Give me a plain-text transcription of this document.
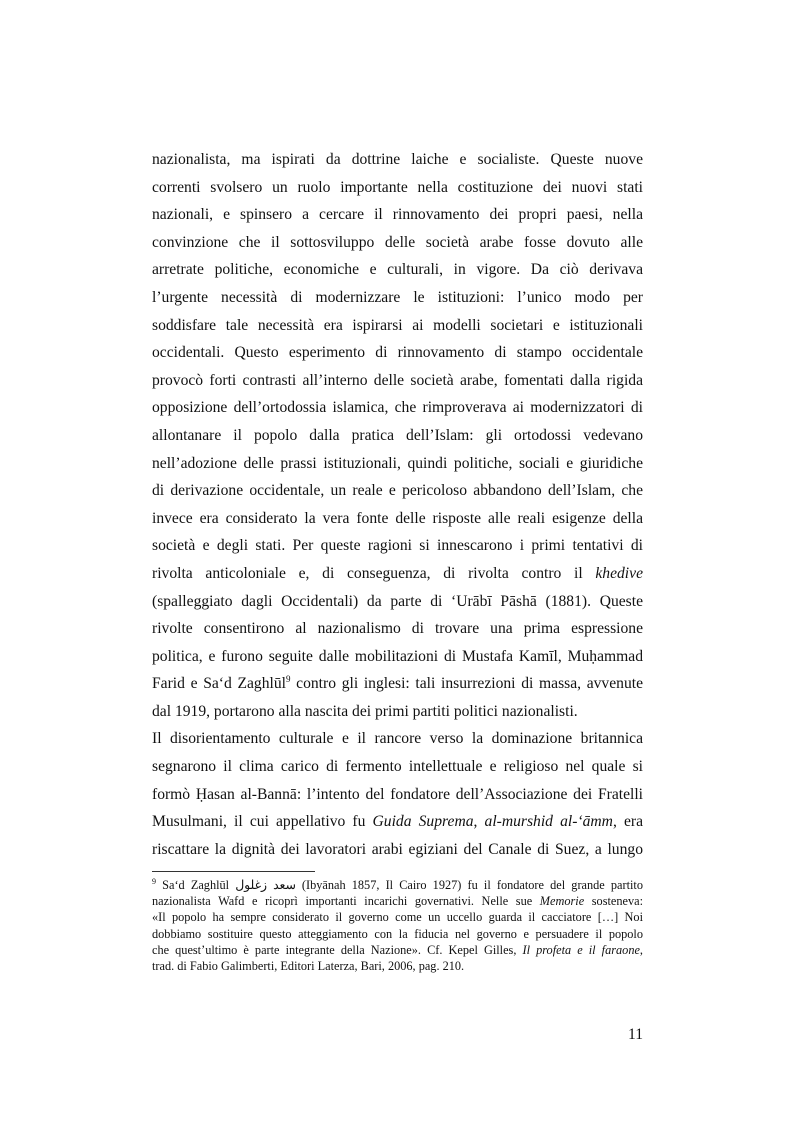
nazionalista, ma ispirati da dottrine laiche e socialiste. Queste nuove
correnti svolsero un ruolo importante nella costituzione dei nuovi stati
nazionali, e spinsero a cercare il rinnovamento dei propri paesi, nella
convinzione che il sottosviluppo delle società arabe fosse dovuto alle
arretrate politiche, economiche e culturali, in vigore. Da ciò derivava
l’urgente necessità di modernizzare le istituzioni: l’unico modo per
soddisfare tale necessità era ispirarsi ai modelli societari e istituzionali
occidentali. Questo esperimento di rinnovamento di stampo occidentale
provocò forti contrasti all’interno delle società arabe, fomentati dalla rigida
opposizione dell’ortodossia islamica, che rimproverava ai modernizzatori di
allontanare il popolo dalla pratica dell’Islam: gli ortodossi vedevano
nell’adozione delle prassi istituzionali, quindi politiche, sociali e giuridiche
di derivazione occidentale, un reale e pericoloso abbandono dell’Islam, che
invece era considerato la vera fonte delle risposte alle reali esigenze della
società e degli stati. Per queste ragioni si innescarono i primi tentativi di
rivolta anticoloniale e, di conseguenza, di rivolta contro il khedive
(spalleggiato dagli Occidentali) da parte di ‘Urābī Pāshā (1881). Queste
rivolte consentirono al nazionalismo di trovare una prima espressione
politica, e furono seguite dalle mobilitazioni di Mustafa Kamīl, Muḥammad
Farid e Sa‘d Zaghlūl$^9$ contro gli inglesi: tali insurrezioni di massa, avvenute
dal 1919, portarono alla nascita dei primi partiti politici nazionalisti.
Il disorientamento culturale e il rancore verso la dominazione britannica
segnarono il clima carico di fermento intellettuale e religioso nel quale si
formò Ḥasan al-Bannā: l’intento del fondatore dell’Associazione dei Fratelli
Musulmani, il cui appellativo fu Guida Suprema, al-murshid al-‘āmm, era
riscattare la dignità dei lavoratori arabi egiziani del Canale di Suez, a lungo
$^9$ Sa‘d Zaghlūl سعد زغلول (Ibyānah 1857, Il Cairo 1927) fu il fondatore del grande partito
nazionalista Wafd e ricoprì importanti incarichi governativi. Nelle sue Memorie sosteneva:
«Il popolo ha sempre considerato il governo come un uccello guarda il cacciatore […] Noi
dobbiamo sostituire questo atteggiamento con la fiducia nel governo e persuadere il popolo
che quest’ultimo è parte integrante della Nazione». Cf. Kepel Gilles, Il profeta e il faraone,
trad. di Fabio Galimberti, Editori Laterza, Bari, 2006, pag. 210.
11
